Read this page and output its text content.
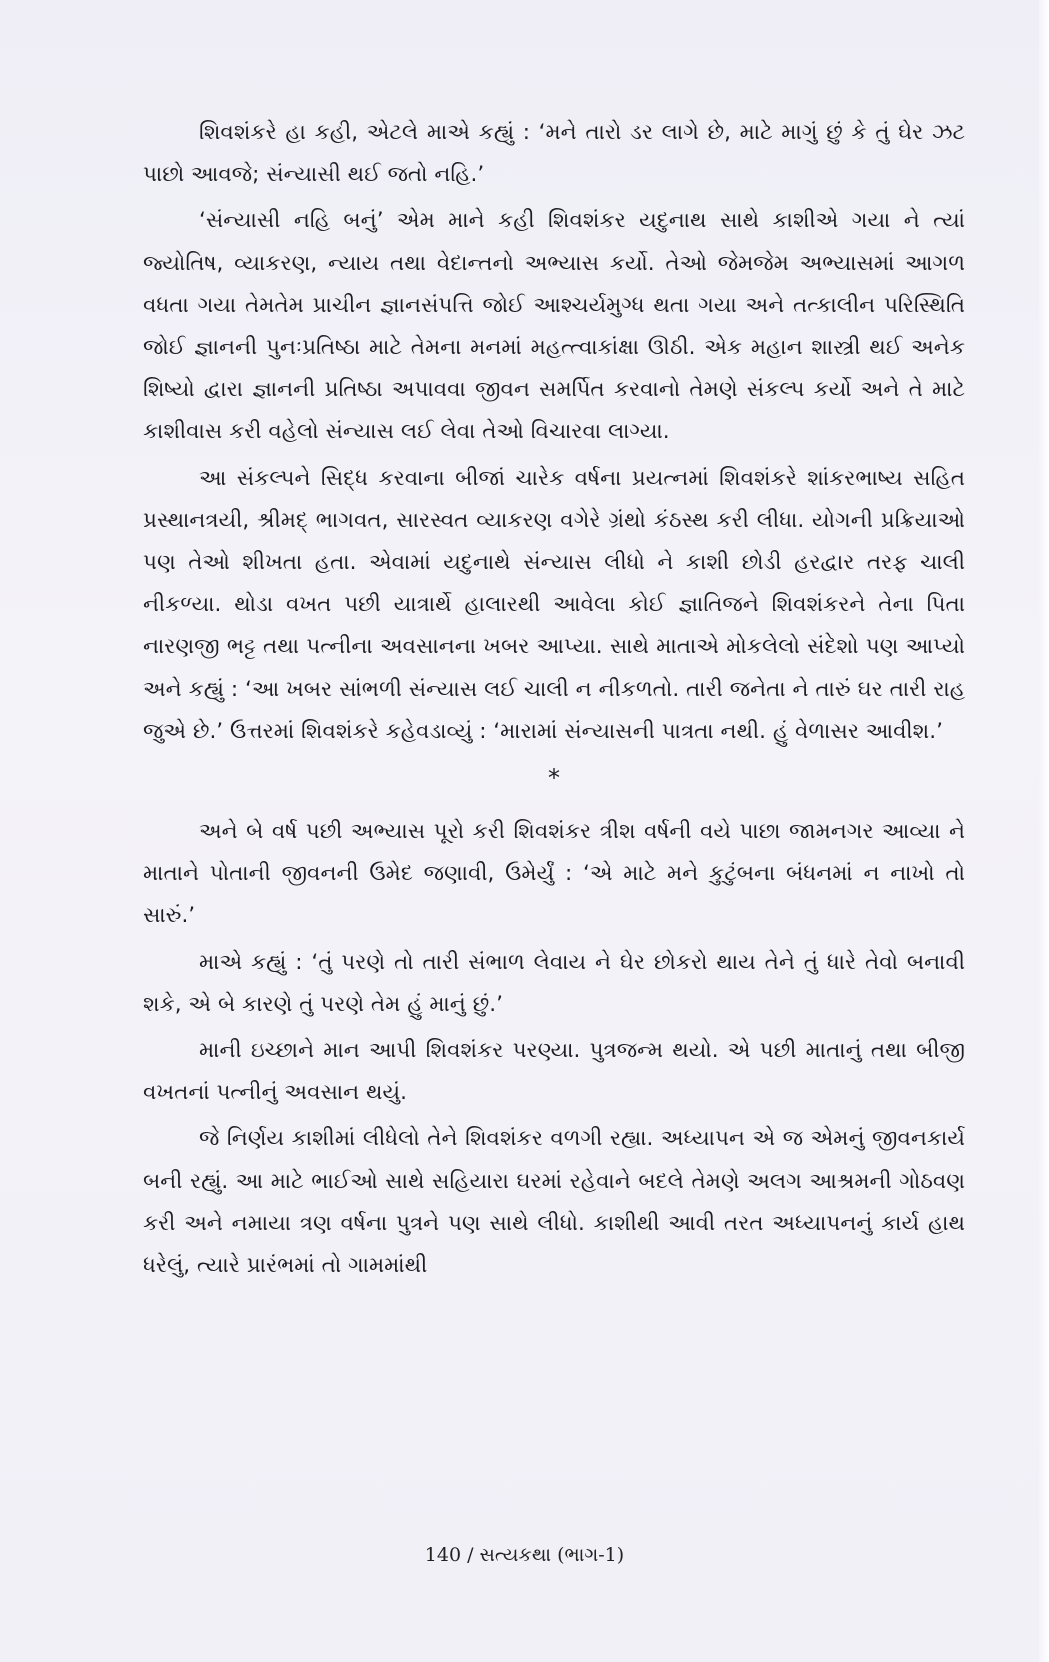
શિવશંકરે હા કહી, એટલે માએ કહ્યું : ‘મને તારો ડર લાગે છે, માટે માગું છું કે તું ઘેર ઝટ પાછો આવજે; સંન્યાસી થઈ જતો નહિ.’

‘સંન્યાસી નહિ બનું’ એમ માને કહી શિવશંકર યદુનાથ સાથે કાશીએ ગયા ને ત્યાં જ્યોતિષ, વ્યાકરણ, ન્યાય તથા વેદાન્તનો અભ્યાસ કર્યો. તેઓ જેમજેમ અભ્યાસમાં આગળ વધતા ગયા તેમતેમ પ્રાચીન જ્ઞાનસંપત્તિ જોઈ આશ્ચર્યમુગ્ધ થતા ગયા અને તત્કાલીન પરિસ્થિતિ જોઈ જ્ઞાનની પુનઃપ્રતિષ્ઠા માટે તેમના મનમાં મહત્ત્વાકાંક્ષા ઊઠી. એક મહાન શાસ્ત્રી થઈ અનેક શિષ્યો દ્વારા જ્ઞાનની પ્રતિષ્ઠા અપાવવા જીવન સમર્પિત કરવાનો તેમણે સંકલ્પ કર્યો અને તે માટે કાશીવાસ કરી વહેલો સંન્યાસ લઈ લેવા તેઓ વિચારવા લાગ્યા.

આ સંકલ્પને સિદ્ધ કરવાના બીજાં ચારેક વર્ષના પ્રયત્નમાં શિવશંકરે શાંકરભાષ્ય સહિત પ્રસ્થાનત્રયી, શ્રીમદ્ ભાગવત, સારસ્વત વ્યાકરણ વગેરે ગ્રંથો કંઠસ્થ કરી લીધા. યોગની પ્રક્રિયાઓ પણ તેઓ શીખતા હતા. એવામાં યદુનાથે સંન્યાસ લીધો ને કાશી છોડી હરદ્વાર તરફ ચાલી નીકળ્યા. થોડા વખત પછી યાત્રાર્થે હાલારથી આવેલા કોઈ જ્ઞાતિજને શિવશંકરને તેના પિતા નારણજી ભટ્ટ તથા પત્નીના અવસાનના ખબર આપ્યા. સાથે માતાએ મોકલેલો સંદેશો પણ આપ્યો અને કહ્યું : ‘આ ખબર સાંભળી સંન્યાસ લઈ ચાલી ન નીકળતો. તારી જનેતા ને તારું ઘર તારી રાહ જુએ છે.’ ઉત્તરમાં શિવશંકરે કહેવડાવ્યું : ‘મારામાં સંન્યાસની પાત્રતા નથી. હું વેળાસર આવીશ.’

*

અને બે વર્ષ પછી અભ્યાસ પૂરો કરી શિવશંકર ત્રીશ વર્ષની વયે પાછા જામનગર આવ્યા ને માતાને પોતાની જીવનની ઉમેદ જણાવી, ઉમેર્યું : ‘એ માટે મને કુટુંબના બંધનમાં ન નાખો તો સારું.’

માએ કહ્યું : ‘તું પરણે તો તારી સંભાળ લેવાય ને ઘેર છોકરો થાય તેને તું ધારે તેવો બનાવી શકે, એ બે કારણે તું પરણે તેમ હું માનું છું.’

માની ઇચ્છાને માન આપી શિવશંકર પરણ્યા. પુત્રજન્મ થયો. એ પછી માતાનું તથા બીજી વખતનાં પત્નીનું અવસાન થયું.

જે નિર્ણય કાશીમાં લીધેલો તેને શિવશંકર વળગી રહ્યા. અધ્યાપન એ જ એમનું જીવનકાર્ય બની રહ્યું. આ માટે ભાઈઓ સાથે સહિયારા ઘરમાં રહેવાને બદલે તેમણે અલગ આશ્રમની ગોઠવણ કરી અને નમાયા ત્રણ વર્ષના પુત્રને પણ સાથે લીધો. કાશીથી આવી તરત અધ્યાપનનું કાર્ય હાથ ધરેલું, ત્યારે પ્રારંભમાં તો ગામમાંથી

140 / સત્યકથા (ભાગ-1)
